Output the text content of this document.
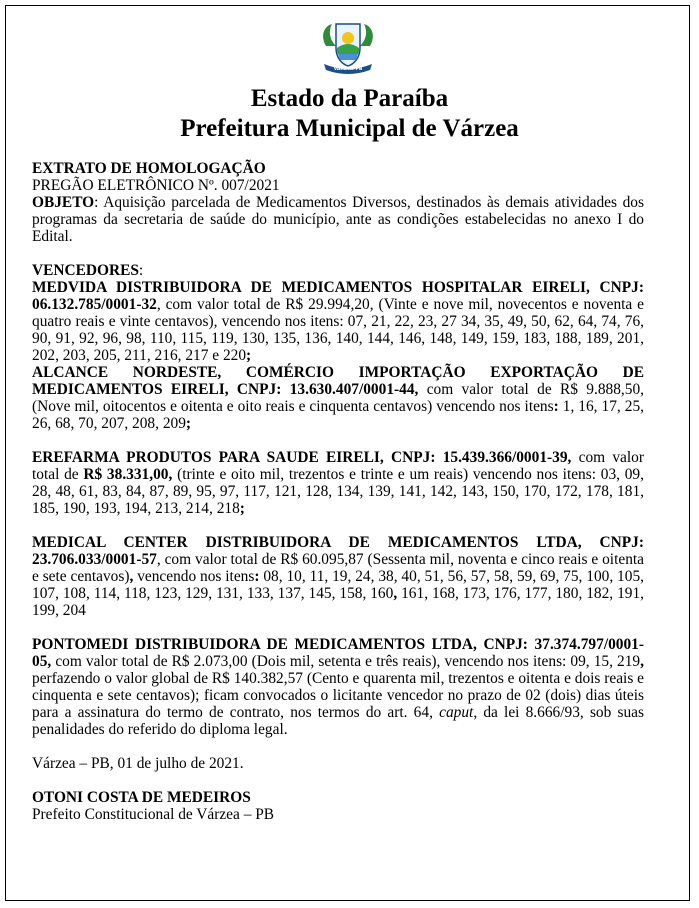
VÁRZEA-PB
Estado da Paraíba
Prefeitura Municipal de Várzea

EXTRATO DE HOMOLOGAÇÃO

PREGÃO ELETRÔNICO Nº. 007/2021

OBJETO: Aquisição parcelada de Medicamentos Diversos, destinados às demais atividades dos programas da secretaria de saúde do município, ante as condições estabelecidas no anexo I do Edital.

VENCEDORES:

MEDVIDA DISTRIBUIDORA DE MEDICAMENTOS HOSPITALAR EIRELI, CNPJ: 06.132.785/0001-32, com valor total de R$ 29.994,20, (Vinte e nove mil, novecentos e noventa e quatro reais e vinte centavos), vencendo nos itens: 07, 21, 22, 23, 27 34, 35, 49, 50, 62, 64, 74, 76, 90, 91, 92, 96, 98, 110, 115, 119, 130, 135, 136, 140, 144, 146, 148, 149, 159, 183, 188, 189, 201, 202, 203, 205, 211, 216, 217 e 220;

ALCANCE NORDESTE, COMÉRCIO IMPORTAÇÃO EXPORTAÇÃO DE MEDICAMENTOS EIRELI, CNPJ: 13.630.407/0001-44, com valor total de R$ 9.888,50, (Nove mil, oitocentos e oitenta e oito reais e cinquenta centavos) vencendo nos itens: 1, 16, 17, 25, 26, 68, 70, 207, 208, 209;

EREFARMA PRODUTOS PARA SAUDE EIRELI, CNPJ: 15.439.366/0001-39, com valor total de R$ 38.331,00, (trinte e oito mil, trezentos e trinte e um reais) vencendo nos itens: 03, 09, 28, 48, 61, 83, 84, 87, 89, 95, 97, 117, 121, 128, 134, 139, 141, 142, 143, 150, 170, 172, 178, 181, 185, 190, 193, 194, 213, 214, 218;

MEDICAL CENTER DISTRIBUIDORA DE MEDICAMENTOS LTDA, CNPJ: 23.706.033/0001-57, com valor total de R$ 60.095,87 (Sessenta mil, noventa e cinco reais e oitenta e sete centavos), vencendo nos itens: 08, 10, 11, 19, 24, 38, 40, 51, 56, 57, 58, 59, 69, 75, 100, 105, 107, 108, 114, 118, 123, 129, 131, 133, 137, 145, 158, 160, 161, 168, 173, 176, 177, 180, 182, 191, 199, 204

PONTOMEDI DISTRIBUIDORA DE MEDICAMENTOS LTDA, CNPJ: 37.374.797/0001-05, com valor total de R$ 2.073,00 (Dois mil, setenta e três reais), vencendo nos itens: 09, 15, 219, perfazendo o valor global de R$ 140.382,57 (Cento e quarenta mil, trezentos e oitenta e dois reais e cinquenta e sete centavos); ficam convocados o licitante vencedor no prazo de 02 (dois) dias úteis para a assinatura do termo de contrato, nos termos do art. 64, caput, da lei 8.666/93, sob suas penalidades do referido do diploma legal.

Várzea – PB, 01 de julho de 2021.

OTONI COSTA DE MEDEIROS

Prefeito Constitucional de Várzea – PB
